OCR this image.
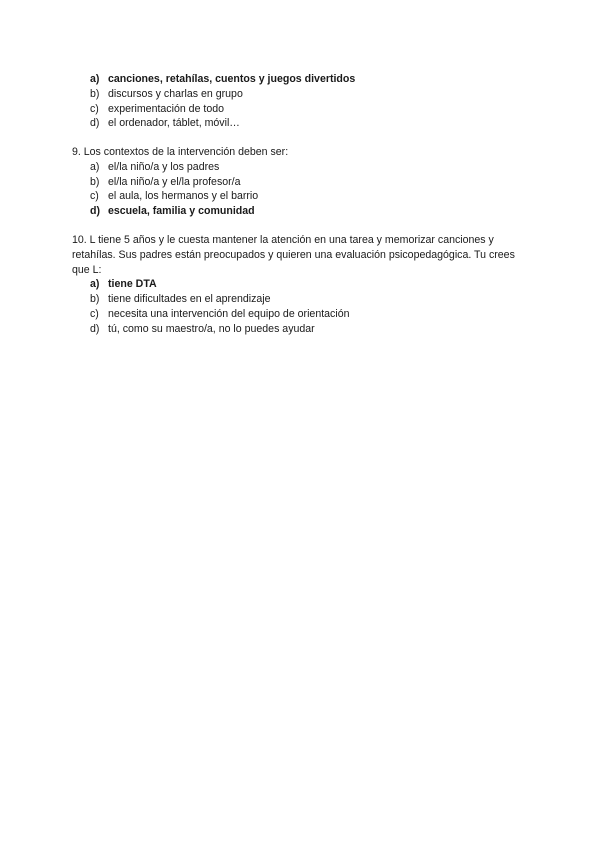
a) canciones, retahílas, cuentos y juegos divertidos
b) discursos y charlas en grupo
c) experimentación de todo
d) el ordenador, táblet, móvil…

9. Los contextos de la intervención deben ser:

a) el/la niño/a y los padres
b) el/la niño/a y el/la profesor/a
c) el aula, los hermanos y el barrio
d) escuela, familia y comunidad

10. L tiene 5 años y le cuesta mantener la atención en una tarea y memorizar canciones y retahílas. Sus padres están preocupados y quieren una evaluación psicopedagógica. Tu crees que L:

a) tiene DTA
b) tiene dificultades en el aprendizaje
c) necesita una intervención del equipo de orientación
d) tú, como su maestro/a, no lo puedes ayudar
